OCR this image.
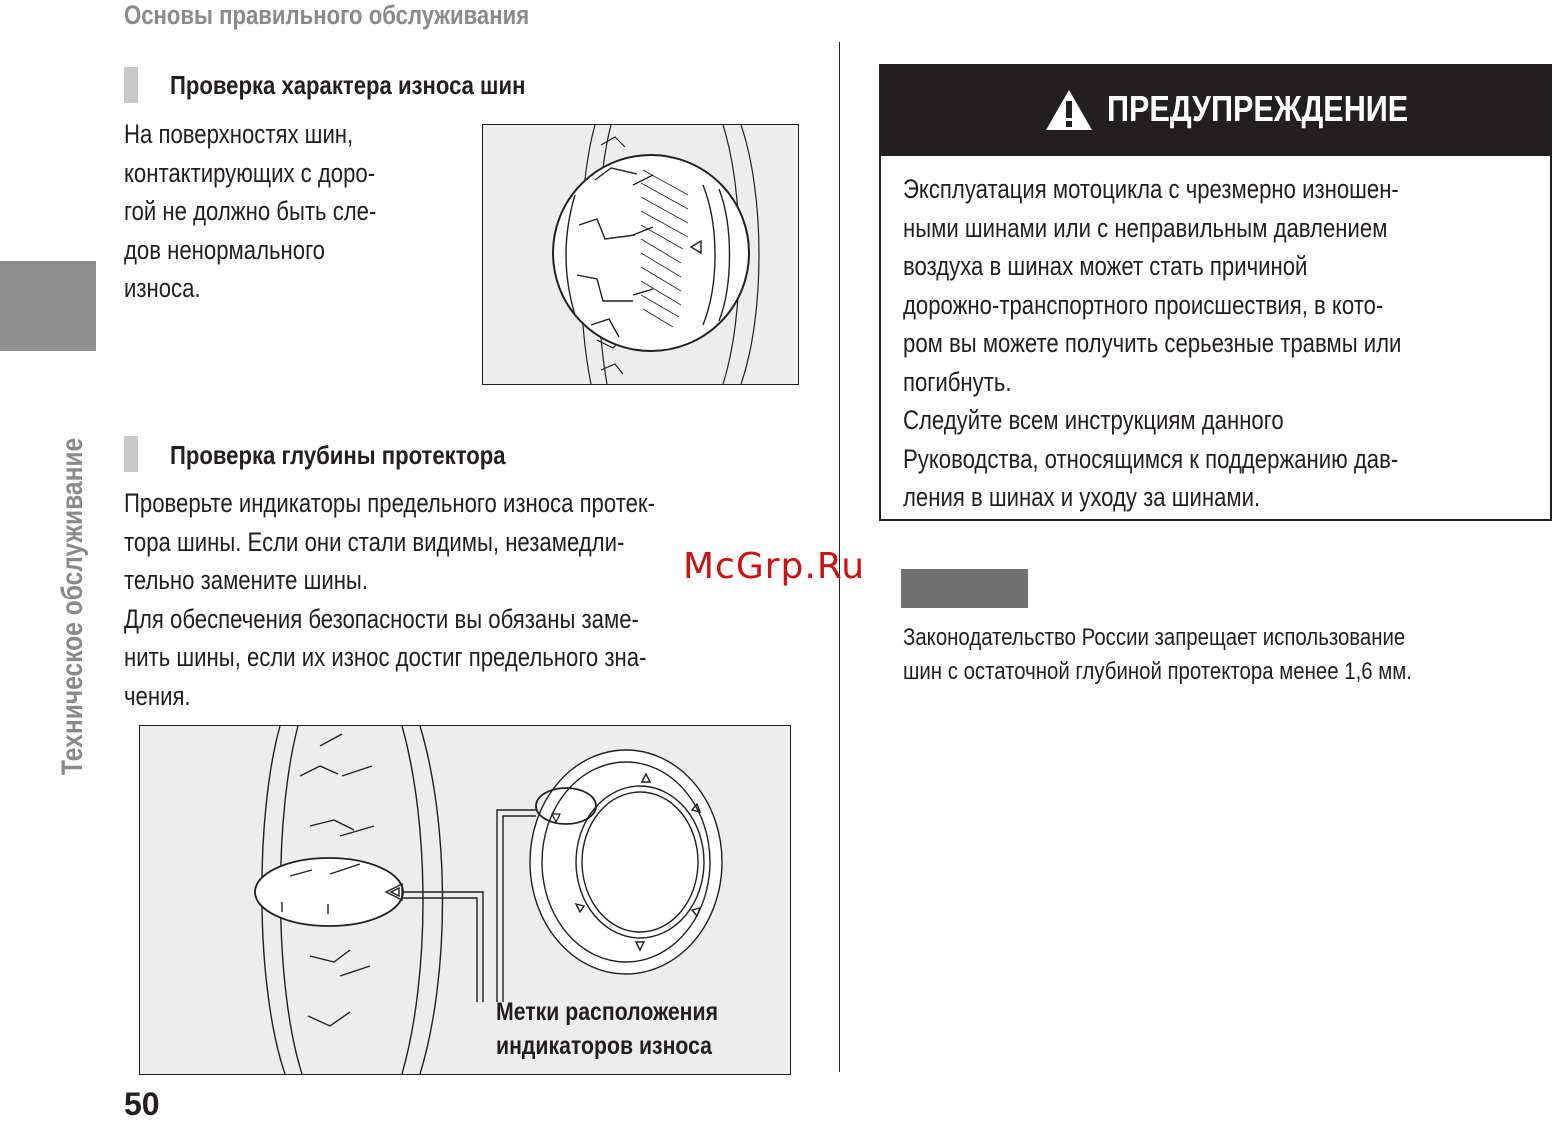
Основы правильного обслуживания
Техническое обслуживание
Проверка характера износа шин
На поверхностях шин,
контактирующих с доро-
гой не должно быть сле-
дов ненормального
износа.
Проверка глубины протектора
Проверьте индикаторы предельного износа протек-
тора шины. Если они стали видимы, незамедли-
тельно замените шины.
Для обеспечения безопасности вы обязаны заме-
нить шины, если их износ достиг предельного зна-
чения.
Метки расположения
индикаторов износа
ПРЕДУПРЕЖДЕНИЕ
Эксплуатация мотоцикла с чрезмерно изношен-
ными шинами или с неправильным давлением
воздуха в шинах может стать причиной
дорожно-транспортного происшествия, в кото-
ром вы можете получить серьезные травмы или
погибнуть.
Следуйте всем инструкциям данного
Руководства, относящимся к поддержанию дав-
ления в шинах и уходу за шинами.
Законодательство России запрещает использование
шин с остаточной глубиной протектора менее 1,6 мм.
50
McGrp.Ru
